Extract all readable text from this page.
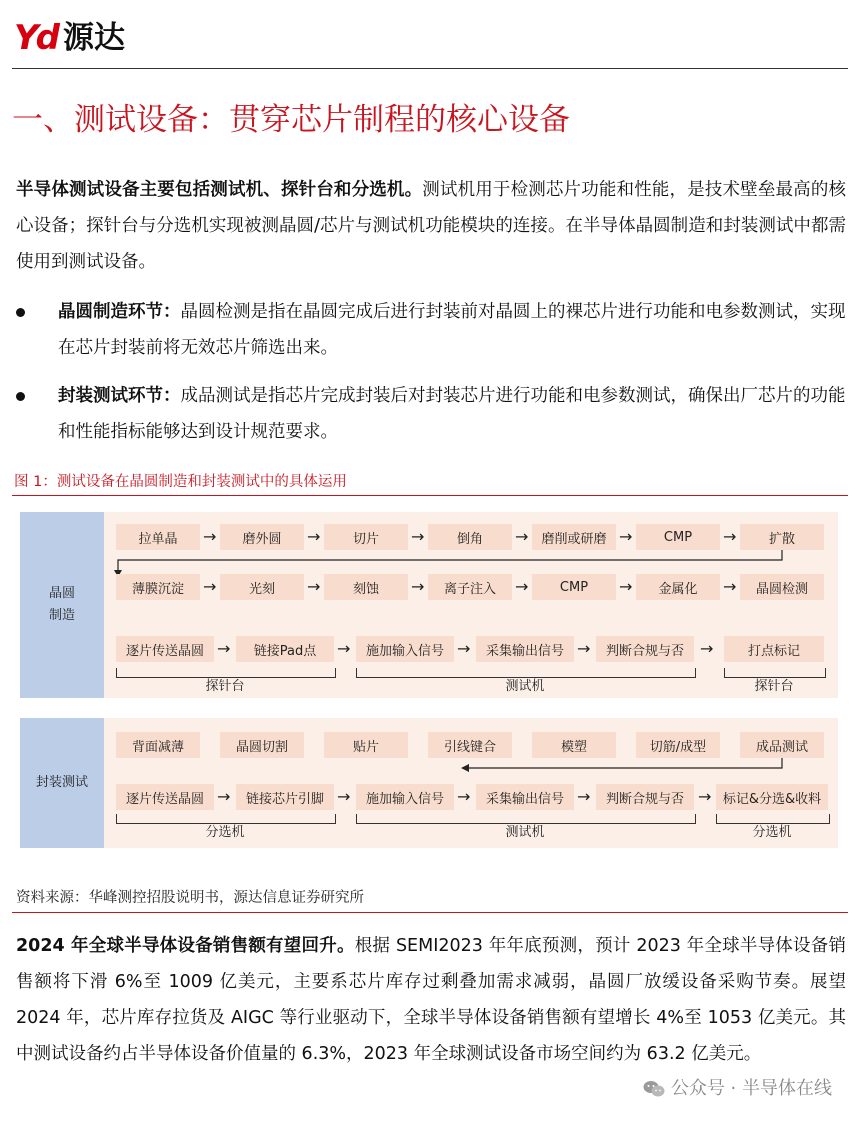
Yd 源达
一、测试设备：贯穿芯片制程的核心设备
半导体测试设备主要包括测试机、探针台和分选机。测试机用于检测芯片功能和性能，是技术壁垒最高的核心设备；探针台与分选机实现被测晶圆/芯片与测试机功能模块的连接。在半导体晶圆制造和封装测试中都需使用到测试设备。
晶圆制造环节：晶圆检测是指在晶圆完成后进行封装前对晶圆上的裸芯片进行功能和电参数测试，实现在芯片封装前将无效芯片筛选出来。
封装测试环节：成品测试是指芯片完成封装后对封装芯片进行功能和电参数测试，确保出厂芯片的功能和性能指标能够达到设计规范要求。
图 1：测试设备在晶圆制造和封装测试中的具体运用
晶圆
制造
拉单晶	→	磨外圆	→	切片	→	倒角	→	磨削或研磨 →	CMP	→	扩散
薄膜沉淀	→	光刻	→	刻蚀	→	离子注入	→	CMP	→	金属化	→	晶圆检测
逐片传送晶圆 →	链接Pad点	→	施加输入信号 →	采集输出信号 →	判断合规与否	→	打点标记
探针台	测试机	探针台
封装测试
背面减薄	晶圆切割	贴片	引线键合	模塑	切筋/成型	成品测试
逐片传送晶圆 →	链接芯片引脚 →	施加输入信号 →	采集输出信号 →	判断合规与否 → 标记&分选&收料
分选机	测试机	分选机
资料来源：华峰测控招股说明书，源达信息证券研究所
2024 年全球半导体设备销售额有望回升。根据 SEMI2023 年年底预测，预计 2023 年全球半导体设备销售额将下滑 6%至 1009 亿美元，主要系芯片库存过剩叠加需求减弱，晶圆厂放缓设备采购节奏。展望 2024 年，芯片库存拉货及 AIGC 等行业驱动下，全球半导体设备销售额有望增长 4%至 1053 亿美元。其中测试设备约占半导体设备价值量的 6.3%，2023 年全球测试设备市场空间约为 63.2 亿美元。
公众号 · 半导体在线
